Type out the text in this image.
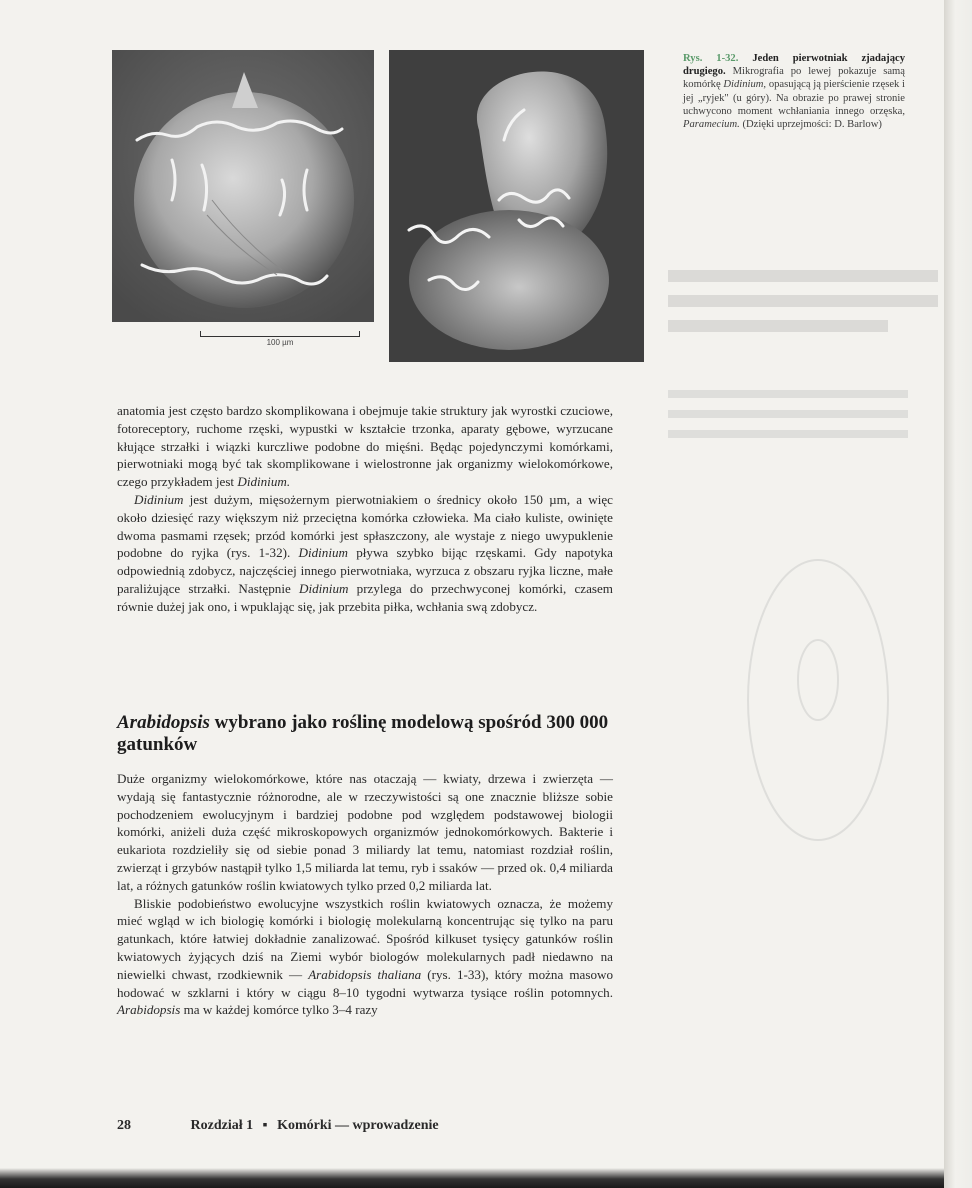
100 µm
Rys. 1-32. Jeden pierwotniak zjadający drugiego. Mikrografia po lewej pokazuje samą komórkę Didinium, opasującą ją pierścienie rzęsek i jej „ryjek" (u góry). Na obrazie po prawej stronie uchwycono moment wchłaniania innego orzęska, Paramecium. (Dzięki uprzejmości: D. Barlow)

anatomia jest często bardzo skomplikowana i obejmuje takie struktury jak wyrostki czuciowe, fotoreceptory, ruchome rzęski, wypustki w kształcie trzonka, aparaty gębowe, wyrzucane kłujące strzałki i wiązki kurczliwe podobne do mięśni. Będąc pojedynczymi komórkami, pierwotniaki mogą być tak skomplikowane i wielostronne jak organizmy wielokomórkowe, czego przykładem jest Didinium.

Didinium jest dużym, mięsożernym pierwotniakiem o średnicy około 150 µm, a więc około dziesięć razy większym niż przeciętna komórka człowieka. Ma ciało kuliste, owinięte dwoma pasmami rzęsek; przód komórki jest spłaszczony, ale wystaje z niego uwypuklenie podobne do ryjka (rys. 1-32). Didinium pływa szybko bijąc rzęskami. Gdy napotyka odpowiednią zdobycz, najczęściej innego pierwotniaka, wyrzuca z obszaru ryjka liczne, małe paraliżujące strzałki. Następnie Didinium przylega do przechwyconej komórki, czasem równie dużej jak ono, i wpuklając się, jak przebita piłka, wchłania swą zdobycz.

Arabidopsis wybrano jako roślinę modelową spośród 300 000 gatunków

Duże organizmy wielokomórkowe, które nas otaczają — kwiaty, drzewa i zwierzęta — wydają się fantastycznie różnorodne, ale w rzeczywistości są one znacznie bliższe sobie pochodzeniem ewolucyjnym i bardziej podobne pod względem podstawowej biologii komórki, aniżeli duża część mikroskopowych organizmów jednokomórkowych. Bakterie i eukariota rozdzieliły się od siebie ponad 3 miliardy lat temu, natomiast rozdział roślin, zwierząt i grzybów nastąpił tylko 1,5 miliarda lat temu, ryb i ssaków — przed ok. 0,4 miliarda lat, a różnych gatunków roślin kwiatowych tylko przed 0,2 miliarda lat.

Bliskie podobieństwo ewolucyjne wszystkich roślin kwiatowych oznacza, że możemy mieć wgląd w ich biologię komórki i biologię molekularną koncentrując się tylko na paru gatunkach, które łatwiej dokładnie zanalizować. Spośród kilkuset tysięcy gatunków roślin kwiatowych żyjących dziś na Ziemi wybór biologów molekularnych padł niedawno na niewielki chwast, rzodkiewnik — Arabidopsis thaliana (rys. 1-33), który można masowo hodować w szklarni i który w ciągu 8–10 tygodni wytwarza tysiące roślin potomnych. Arabidopsis ma w każdej komórce tylko 3–4 razy

28	Rozdział 1 ▪ Komórki — wprowadzenie
